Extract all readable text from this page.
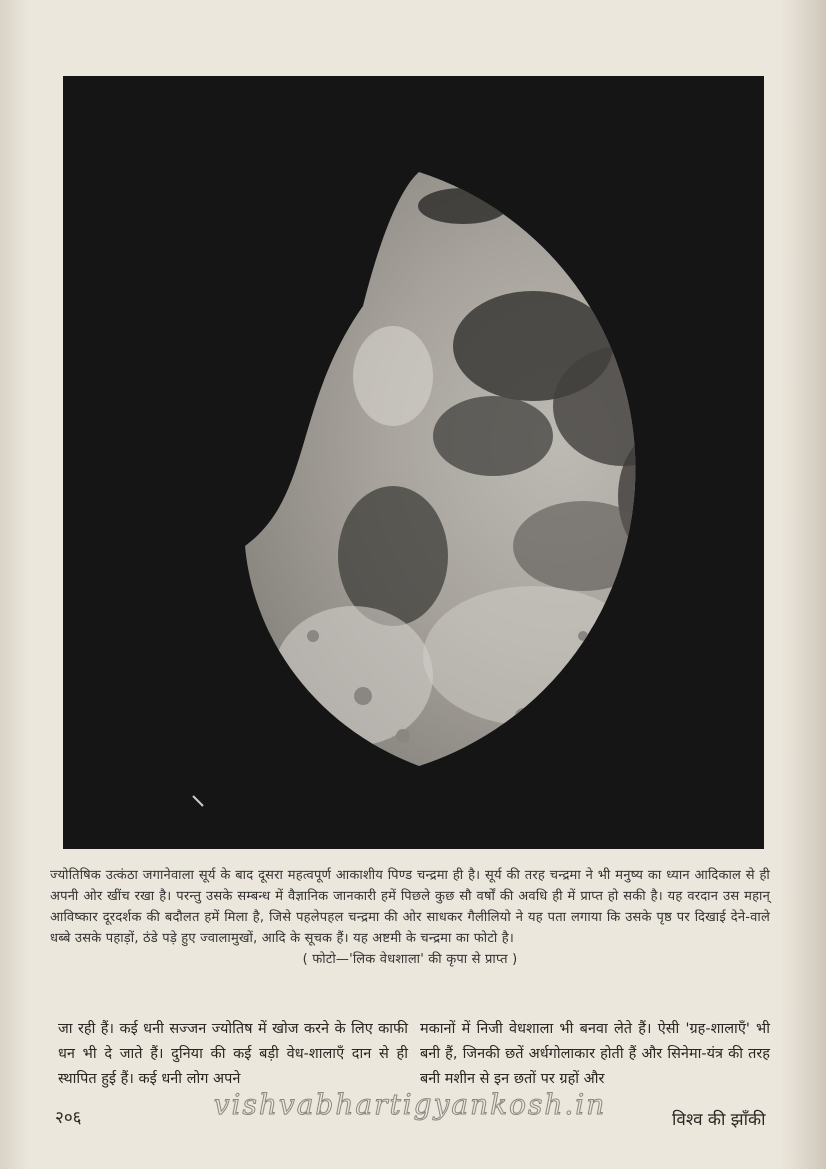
ज्योतिषिक उत्कंठा जगानेवाला सूर्य के बाद दूसरा महत्वपूर्ण आकाशीय पिण्ड चन्द्रमा ही है। सूर्य की तरह चन्द्रमा ने भी मनुष्य का ध्यान आदिकाल से ही अपनी ओर खींच रखा है। परन्तु उसके सम्बन्ध में वैज्ञानिक जानकारी हमें पिछले कुछ सौ वर्षों की अवधि ही में प्राप्त हो सकी है। यह वरदान उस महान् आविष्कार दूरदर्शक की बदौलत हमें मिला है, जिसे पहलेपहल चन्द्रमा की ओर साधकर गैलीलियो ने यह पता लगाया कि उसके पृष्ठ पर दिखाई देने-वाले धब्बे उसके पहाड़ों, ठंडे पड़े हुए ज्वालामुखों, आदि के सूचक हैं। यह अष्टमी के चन्द्रमा का फोटो है।

( फोटो—'लिक वेधशाला' की कृपा से प्राप्त )

जा रही हैं। कई धनी सज्जन ज्योतिष में खोज करने के लिए काफी धन भी दे जाते हैं। दुनिया की कई बड़ी वेध-शालाएँ दान से ही स्थापित हुई हैं। कई धनी लोग अपने
मकानों में निजी वेधशाला भी बनवा लेते हैं। ऐसी 'ग्रह-शालाएँ' भी बनी हैं, जिनकी छतें अर्धगोलाकार होती हैं और सिनेमा-यंत्र की तरह बनी मशीन से इन छतों पर ग्रहों और
vishvabhartigyankosh.in
२०६	विश्व की झाँकी
